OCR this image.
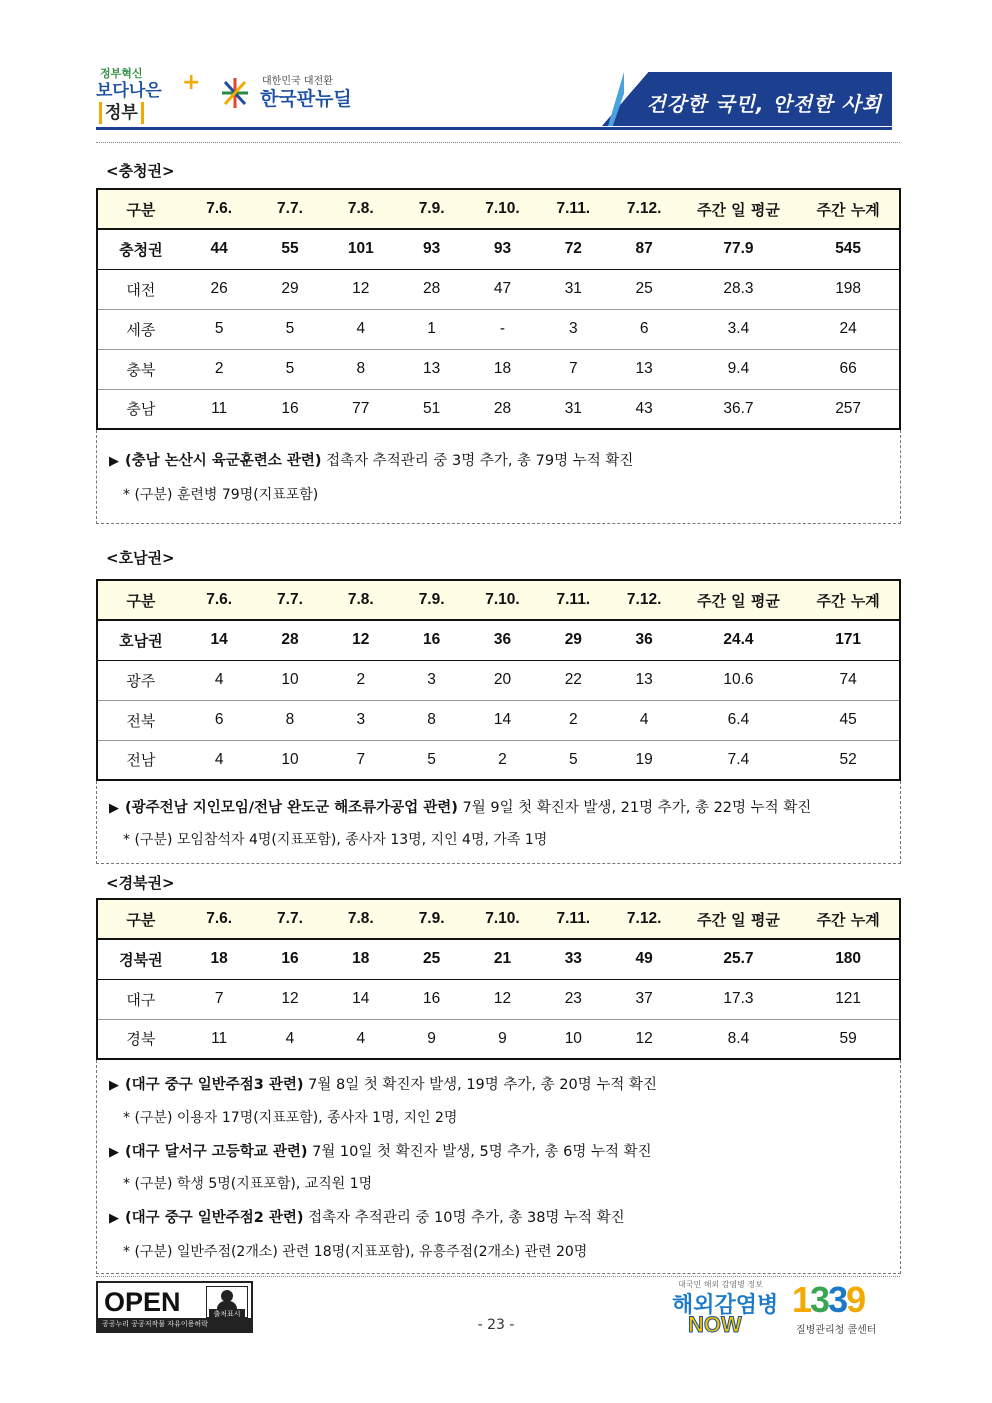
정부혁신
보다나은정부
+	대한민국 대전환
한국판뉴딜	건강한 국민, 안전한 사회
<충청권>
구분	7.6.	7.7.	7.8.	7.9.	7.10.	7.11.	7.12.	주간 일 평균	주간 누계
충청권	44	55	101	93	93	72	87	77.9	545
대전	26	29	12	28	47	31	25	28.3	198
세종	5	5	4	1	-	3	6	3.4	24
충북	2	5	8	13	18	7	13	9.4	66
충남	11	16	77	51	28	31	43	36.7	257
▶ (충남 논산시 육군훈련소 관련) 접촉자 추적관리 중 3명 추가, 총 79명 누적 확진
* (구분) 훈련병 79명(지표포함)
<호남권>
구분	7.6.	7.7.	7.8.	7.9.	7.10.	7.11.	7.12.	주간 일 평균	주간 누계
호남권	14	28	12	16	36	29	36	24.4	171
광주	4	10	2	3	20	22	13	10.6	74
전북	6	8	3	8	14	2	4	6.4	45
전남	4	10	7	5	2	5	19	7.4	52
▶ (광주전남 지인모임/전남 완도군 해조류가공업 관련) 7월 9일 첫 확진자 발생, 21명 추가, 총 22명 누적 확진
* (구분) 모임참석자 4명(지표포함), 종사자 13명, 지인 4명, 가족 1명
<경북권>
구분	7.6.	7.7.	7.8.	7.9.	7.10.	7.11.	7.12.	주간 일 평균	주간 누계
경북권	18	16	18	25	21	33	49	25.7	180
대구	7	12	14	16	12	23	37	17.3	121
경북	11	4	4	9	9	10	12	8.4	59
▶ (대구 중구 일반주점3 관련) 7월 8일 첫 확진자 발생, 19명 추가, 총 20명 누적 확진
* (구분) 이용자 17명(지표포함), 종사자 1명, 지인 2명
▶ (대구 달서구 고등학교 관련) 7월 10일 첫 확진자 발생, 5명 추가, 총 6명 누적 확진
* (구분) 학생 5명(지표포함), 교직원 1명
▶ (대구 중구 일반주점2 관련) 접촉자 추적관리 중 10명 추가, 총 38명 누적 확진
* (구분) 일반주점(2개소) 관련 18명(지표포함), 유흥주점(2개소) 관련 20명
OPEN	출처표시
공공누리 공공저작물 자유이용허락	- 23 -
대국민 해외 감염병 정보
해외감염병
NOW
1339
질병관리청 콜센터
